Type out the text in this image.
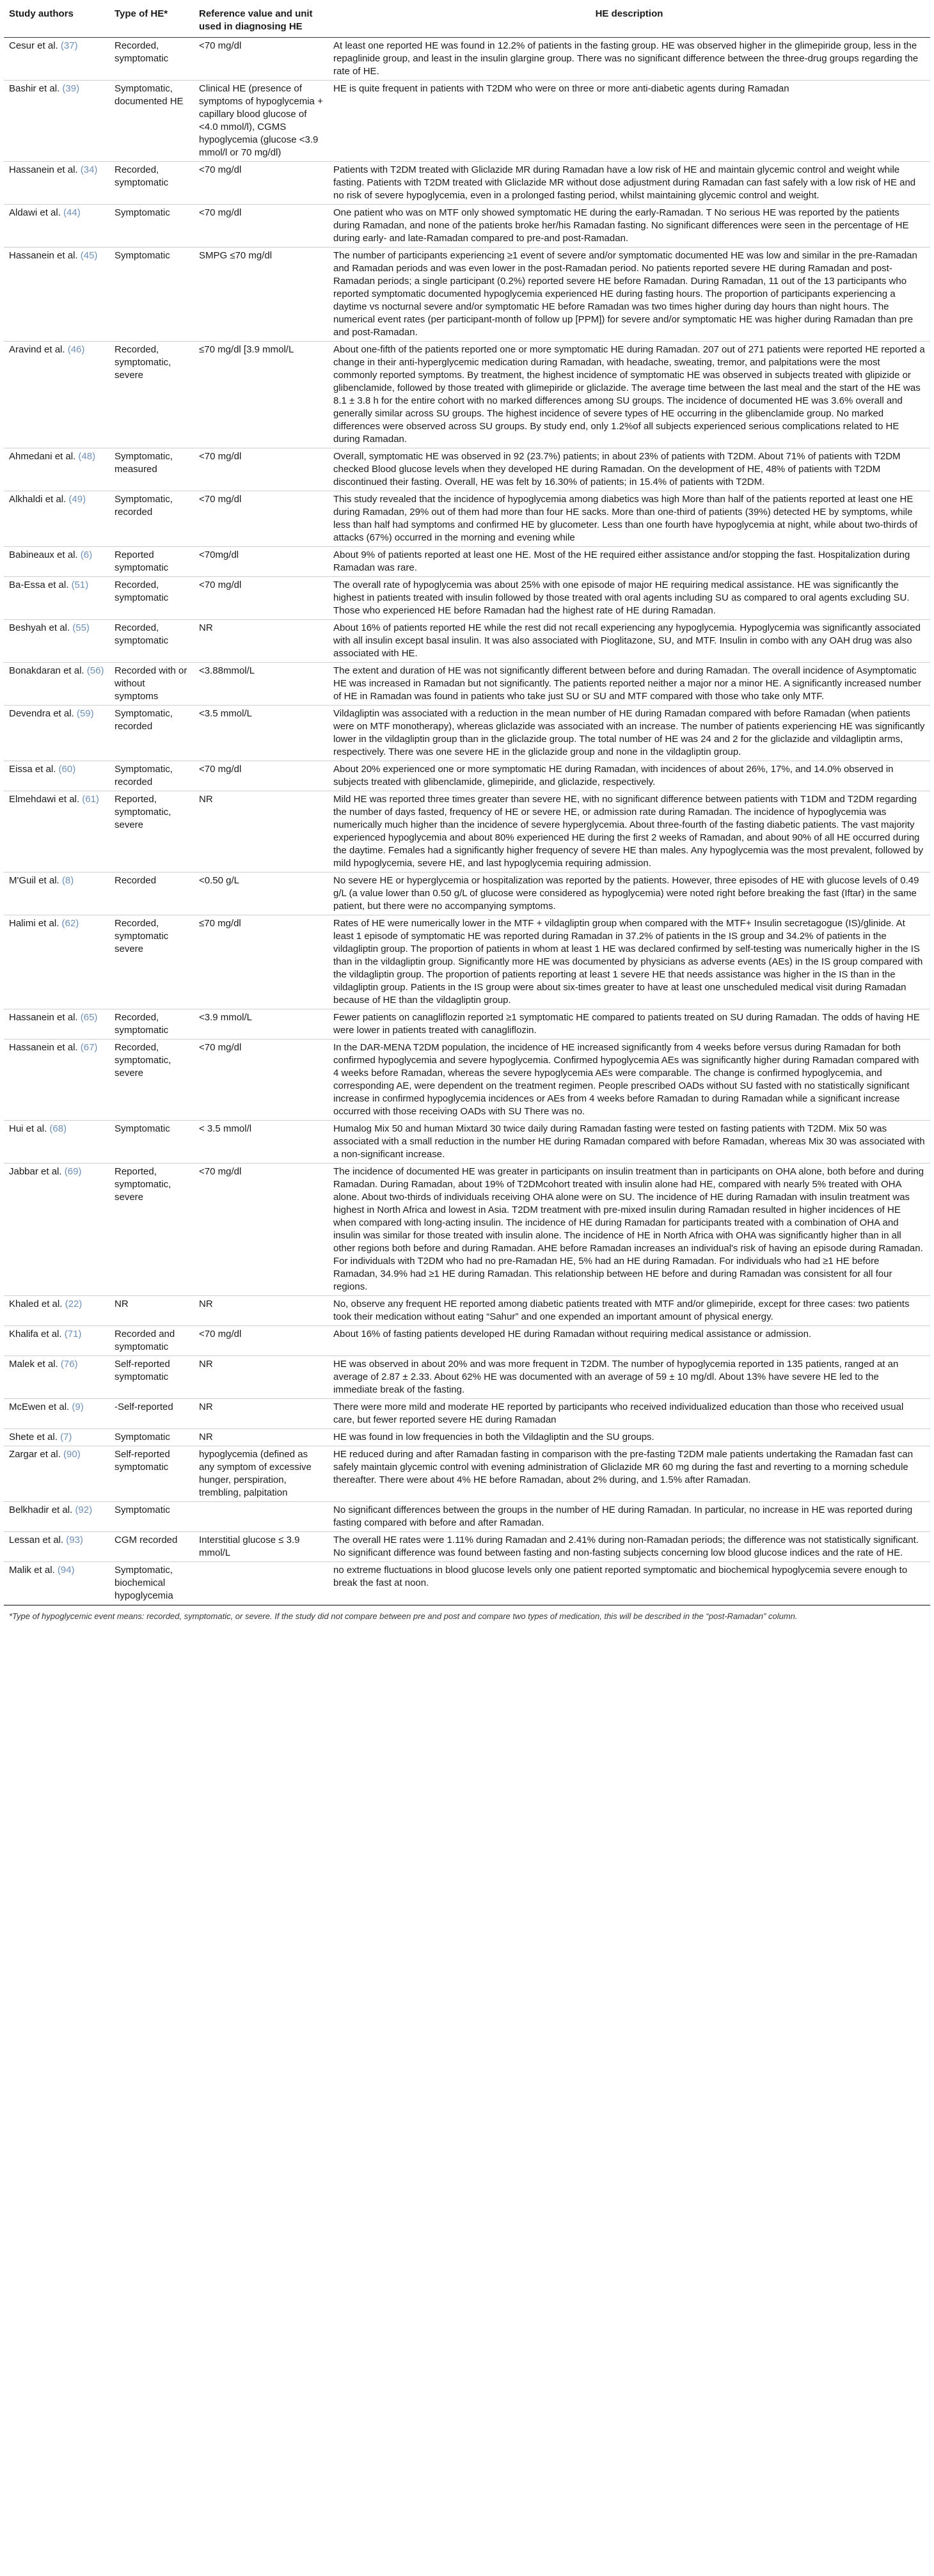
Study authors	Type of HE*	Reference value and unit used in diagnosing HE	HE description
Cesur et al. (37)	Recorded, symptomatic	<70 mg/dl	At least one reported HE was found in 12.2% of patients in the fasting group. HE was observed higher in the glimepiride group, less in the repaglinide group, and least in the insulin glargine group. There was no significant difference between the three-drug groups regarding the rate of HE.
Bashir et al. (39)	Symptomatic, documented HE	Clinical HE (presence of symptoms of hypoglycemia + capillary blood glucose of <4.0 mmol/l), CGMS hypoglycemia (glucose <3.9 mmol/l or 70 mg/dl)	HE is quite frequent in patients with T2DM who were on three or more anti-diabetic agents during Ramadan
Hassanein et al. (34)	Recorded, symptomatic	<70 mg/dl	Patients with T2DM treated with Gliclazide MR during Ramadan have a low risk of HE and maintain glycemic control and weight while fasting. Patients with T2DM treated with Gliclazide MR without dose adjustment during Ramadan can fast safely with a low risk of HE and no risk of severe hypoglycemia, even in a prolonged fasting period, whilst maintaining glycemic control and weight.
Aldawi et al. (44)	Symptomatic	<70 mg/dl	One patient who was on MTF only showed symptomatic HE during the early-Ramadan. T No serious HE was reported by the patients during Ramadan, and none of the patients broke her/his Ramadan fasting. No significant differences were seen in the percentage of HE during early- and late-Ramadan compared to pre-and post-Ramadan.
Hassanein et al. (45)	Symptomatic	SMPG ≤70 mg/dl	The number of participants experiencing ≥1 event of severe and/or symptomatic documented HE was low and similar in the pre-Ramadan and Ramadan periods and was even lower in the post-Ramadan period. No patients reported severe HE during Ramadan and post-Ramadan periods; a single participant (0.2%) reported severe HE before Ramadan. During Ramadan, 11 out of the 13 participants who reported symptomatic documented hypoglycemia experienced HE during fasting hours. The proportion of participants experiencing a daytime vs nocturnal severe and/or symptomatic HE before Ramadan was two times higher during day hours than night hours. The numerical event rates (per participant-month of follow up [PPM]) for severe and/or symptomatic HE was higher during Ramadan than pre and post-Ramadan.
Aravind et al. (46)	Recorded, symptomatic, severe	≤70 mg/dl [3.9 mmol/L	About one-fifth of the patients reported one or more symptomatic HE during Ramadan. 207 out of 271 patients were reported HE reported a change in their anti-hyperglycemic medication during Ramadan, with headache, sweating, tremor, and palpitations were the most commonly reported symptoms. By treatment, the highest incidence of symptomatic HE was observed in subjects treated with glipizide or glibenclamide, followed by those treated with glimepiride or gliclazide. The average time between the last meal and the start of the HE was 8.1 ± 3.8 h for the entire cohort with no marked differences among SU groups. The incidence of documented HE was 3.6% overall and generally similar across SU groups. The highest incidence of severe types of HE occurring in the glibenclamide group. No marked differences were observed across SU groups. By study end, only 1.2%of all subjects experienced serious complications related to HE during Ramadan.
Ahmedani et al. (48)	Symptomatic, measured	<70 mg/dl	Overall, symptomatic HE was observed in 92 (23.7%) patients; in about 23% of patients with T2DM. About 71% of patients with T2DM checked Blood glucose levels when they developed HE during Ramadan. On the development of HE, 48% of patients with T2DM discontinued their fasting. Overall, HE was felt by 16.30% of patients; in 15.4% of patients with T2DM.
Alkhaldi et al. (49)	Symptomatic, recorded	<70 mg/dl	This study revealed that the incidence of hypoglycemia among diabetics was high More than half of the patients reported at least one HE during Ramadan, 29% out of them had more than four HE sacks. More than one-third of patients (39%) detected HE by symptoms, while less than half had symptoms and confirmed HE by glucometer. Less than one fourth have hypoglycemia at night, while about two-thirds of attacks (67%) occurred in the morning and evening while
Babineaux et al. (6)	Reported symptomatic	<70mg/dl	About 9% of patients reported at least one HE. Most of the HE required either assistance and/or stopping the fast. Hospitalization during Ramadan was rare.
Ba-Essa et al. (51)	Recorded, symptomatic	<70 mg/dl	The overall rate of hypoglycemia was about 25% with one episode of major HE requiring medical assistance. HE was significantly the highest in patients treated with insulin followed by those treated with oral agents including SU as compared to oral agents excluding SU. Those who experienced HE before Ramadan had the highest rate of HE during Ramadan.
Beshyah et al. (55)	Recorded, symptomatic	NR	About 16% of patients reported HE while the rest did not recall experiencing any hypoglycemia. Hypoglycemia was significantly associated with all insulin except basal insulin. It was also associated with Pioglitazone, SU, and MTF. Insulin in combo with any OAH drug was also associated with HE.
Bonakdaran et al. (56)	Recorded with or without symptoms	<3.88mmol/L	The extent and duration of HE was not significantly different between before and during Ramadan. The overall incidence of Asymptomatic HE was increased in Ramadan but not significantly. The patients reported neither a major nor a minor HE. A significantly increased number of HE in Ramadan was found in patients who take just SU or SU and MTF compared with those who take only MTF.
Devendra et al. (59)	Symptomatic, recorded	<3.5 mmol/L	Vildagliptin was associated with a reduction in the mean number of HE during Ramadan compared with before Ramadan (when patients were on MTF monotherapy), whereas gliclazide was associated with an increase. The number of patients experiencing HE was significantly lower in the vildagliptin group than in the gliclazide group. The total number of HE was 24 and 2 for the gliclazide and vildagliptin arms, respectively. There was one severe HE in the gliclazide group and none in the vildagliptin group.
Eissa et al. (60)	Symptomatic, recorded	<70 mg/dl	About 20% experienced one or more symptomatic HE during Ramadan, with incidences of about 26%, 17%, and 14.0% observed in subjects treated with glibenclamide, glimepiride, and gliclazide, respectively.
Elmehdawi et al. (61)	Reported, symptomatic, severe	NR	Mild HE was reported three times greater than severe HE, with no significant difference between patients with T1DM and T2DM regarding the number of days fasted, frequency of HE or severe HE, or admission rate during Ramadan. The incidence of hypoglycemia was numerically much higher than the incidence of severe hyperglycemia. About three-fourth of the fasting diabetic patients. The vast majority experienced hypoglycemia and about 80% experienced HE during the first 2 weeks of Ramadan, and about 90% of all HE occurred during the daytime. Females had a significantly higher frequency of severe HE than males. Any hypoglycemia was the most prevalent, followed by mild hypoglycemia, severe HE, and last hypoglycemia requiring admission.
M'Guil et al. (8)	Recorded	<0.50 g/L	No severe HE or hyperglycemia or hospitalization was reported by the patients. However, three episodes of HE with glucose levels of 0.49 g/L (a value lower than 0.50 g/L of glucose were considered as hypoglycemia) were noted right before breaking the fast (Iftar) in the same patient, but there were no accompanying symptoms.
Halimi et al. (62)	Recorded, symptomatic severe	≤70 mg/dl	Rates of HE were numerically lower in the MTF + vildagliptin group when compared with the MTF+ Insulin secretagogue (IS)/glinide. At least 1 episode of symptomatic HE was reported during Ramadan in 37.2% of patients in the IS group and 34.2% of patients in the vildagliptin group. The proportion of patients in whom at least 1 HE was declared confirmed by self-testing was numerically higher in the IS than in the vildagliptin group. Significantly more HE was documented by physicians as adverse events (AEs) in the IS group compared with the vildagliptin group. The proportion of patients reporting at least 1 severe HE that needs assistance was higher in the IS than in the vildagliptin group. Patients in the IS group were about six-times greater to have at least one unscheduled medical visit during Ramadan because of HE than the vildagliptin group.
Hassanein et al. (65)	Recorded, symptomatic	<3.9 mmol/L	Fewer patients on canagliflozin reported ≥1 symptomatic HE compared to patients treated on SU during Ramadan. The odds of having HE were lower in patients treated with canagliflozin.
Hassanein et al. (67)	Recorded, symptomatic, severe	<70 mg/dl	In the DAR-MENA T2DM population, the incidence of HE increased significantly from 4 weeks before versus during Ramadan for both confirmed hypoglycemia and severe hypoglycemia. Confirmed hypoglycemia AEs was significantly higher during Ramadan compared with 4 weeks before Ramadan, whereas the severe hypoglycemia AEs were comparable. The change is confirmed hypoglycemia, and corresponding AE, were dependent on the treatment regimen. People prescribed OADs without SU fasted with no statistically significant increase in confirmed hypoglycemia incidences or AEs from 4 weeks before Ramadan to during Ramadan while a significant increase occurred with those receiving OADs with SU There was no.
Hui et al. (68)	Symptomatic	< 3.5 mmol/l	Humalog Mix 50 and human Mixtard 30 twice daily during Ramadan fasting were tested on fasting patients with T2DM. Mix 50 was associated with a small reduction in the number HE during Ramadan compared with before Ramadan, whereas Mix 30 was associated with a non-significant increase.
Jabbar et al. (69)	Reported, symptomatic, severe	<70 mg/dl	The incidence of documented HE was greater in participants on insulin treatment than in participants on OHA alone, both before and during Ramadan. During Ramadan, about 19% of T2DMcohort treated with insulin alone had HE, compared with nearly 5% treated with OHA alone. About two-thirds of individuals receiving OHA alone were on SU. The incidence of HE during Ramadan with insulin treatment was highest in North Africa and lowest in Asia. T2DM treatment with pre-mixed insulin during Ramadan resulted in higher incidences of HE when compared with long-acting insulin. The incidence of HE during Ramadan for participants treated with a combination of OHA and insulin was similar for those treated with insulin alone. The incidence of HE in North Africa with OHA was significantly higher than in all other regions both before and during Ramadan. AHE before Ramadan increases an individual's risk of having an episode during Ramadan. For individuals with T2DM who had no pre-Ramadan HE, 5% had an HE during Ramadan. For individuals who had ≥1 HE before Ramadan, 34.9% had ≥1 HE during Ramadan. This relationship between HE before and during Ramadan was consistent for all four regions.
Khaled et al. (22)	NR	NR	No, observe any frequent HE reported among diabetic patients treated with MTF and/or glimepiride, except for three cases: two patients took their medication without eating “Sahur” and one expended an important amount of physical energy.
Khalifa et al. (71)	Recorded and symptomatic	<70 mg/dl	About 16% of fasting patients developed HE during Ramadan without requiring medical assistance or admission.
Malek et al. (76)	Self-reported symptomatic	NR	HE was observed in about 20% and was more frequent in T2DM. The number of hypoglycemia reported in 135 patients, ranged at an average of 2.87 ± 2.33. About 62% HE was documented with an average of 59 ± 10 mg/dl. About 13% have severe HE led to the immediate break of the fasting.
McEwen et al. (9)	-Self-reported	NR	There were more mild and moderate HE reported by participants who received individualized education than those who received usual care, but fewer reported severe HE during Ramadan
Shete et al. (7)	Symptomatic	NR	HE was found in low frequencies in both the Vildagliptin and the SU groups.
Zargar et al. (90)	Self-reported symptomatic	hypoglycemia (defined as any symptom of excessive hunger, perspiration, trembling, palpitation	HE reduced during and after Ramadan fasting in comparison with the pre-fasting T2DM male patients undertaking the Ramadan fast can safely maintain glycemic control with evening administration of Gliclazide MR 60 mg during the fast and reverting to a morning schedule thereafter. There were about 4% HE before Ramadan, about 2% during, and 1.5% after Ramadan.
Belkhadir et al. (92)	Symptomatic		No significant differences between the groups in the number of HE during Ramadan. In particular, no increase in HE was reported during fasting compared with before and after Ramadan.
Lessan et al. (93)	CGM recorded	Interstitial glucose ≤ 3.9 mmol/L	The overall HE rates were 1.11% during Ramadan and 2.41% during non-Ramadan periods; the difference was not statistically significant. No significant difference was found between fasting and non-fasting subjects concerning low blood glucose indices and the rate of HE.
Malik et al. (94)	Symptomatic, biochemical hypoglycemia		no extreme fluctuations in blood glucose levels only one patient reported symptomatic and biochemical hypoglycemia severe enough to break the fast at noon.
*Type of hypoglycemic event means: recorded, symptomatic, or severe. If the study did not compare between pre and post and compare two types of medication, this will be described in the “post-Ramadan” column.
